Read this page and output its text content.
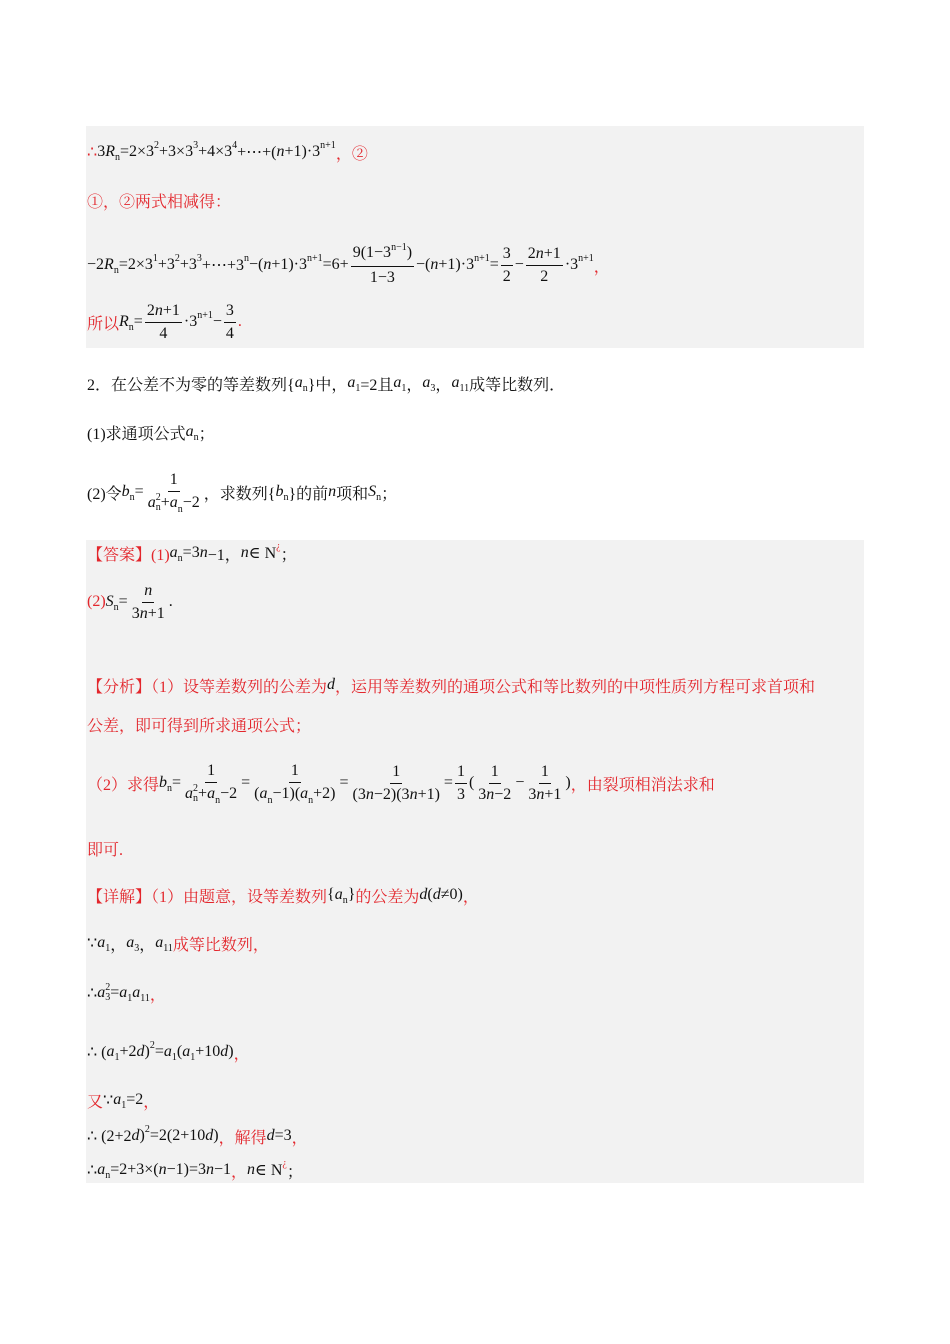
∴ 3 R n =2×3 2 +3×3 3 +4×3 4 +⋯+( n +1)·3 n+1
，②
①，②两式相减得：
−2 R n =2×3 1 +3 2 +3 3 +⋯+3 n −( n +1)·3 $n+1 =6+ \frac{9(1-3^{n-1})}{1-3}$ −( n +1)·3 $n+1 = \frac{3}{2} - \frac{2n+1}{2} \cdot 3$ n+1
，
所以 R $n = \frac{2n+1}{4} \cdot 3$ $n+1 - \frac{3}{4}$ .
2．在公差不为零的等差数列{ a n }中， a 1 =2且 a 1 ， a 3 ， a 11 成等比数列．
(1)求通项公式 a n ；
(2)令 b n = 1
a 2
$n +a_n-2$ ，求数列{ b n }的前 n 项和 S n ；
【答案】(1) a n =3 n −1， n ∈ N ¿
；
(2) S $n = \frac{n}{3n+1}$ .
【分析】（1）设等差数列的公差为 d ，运用等差数列的通项公式和等比数列的中项性质列方程可求首项和
公差，即可得到所求通项公式；
（2）求得 b n = 1
a 2
$n +a_n-2 = \frac{1}{(a_n-1)(a_n+2)} = \frac{1}{(3n-2)(3n+1)} = \frac{1}{3}$ ( $\frac{1}{3n-2} - \frac{1}{3n+1}$ ) ，由裂项相消法求和
即可.
【详解】（1）由题意，设等差数列 { a n } 的公差为 d ( d ≠0) ，
∵ a 1 ， a 3 ， a 11 成等比数列，
∴ a 2
3 = a 1 a 11 ，
∴ ( a 1 +2 d ) 2 = a 1 ( a 1 +10 d ) ，
又 ∵ a 1 =2 ，
∴ (2+2 d ) 2 =2(2+10 d ) ，解得 d =3 ，
∴ a n =2+3×( n −1)=3 n −1 ， n ∈ N ¿
；
